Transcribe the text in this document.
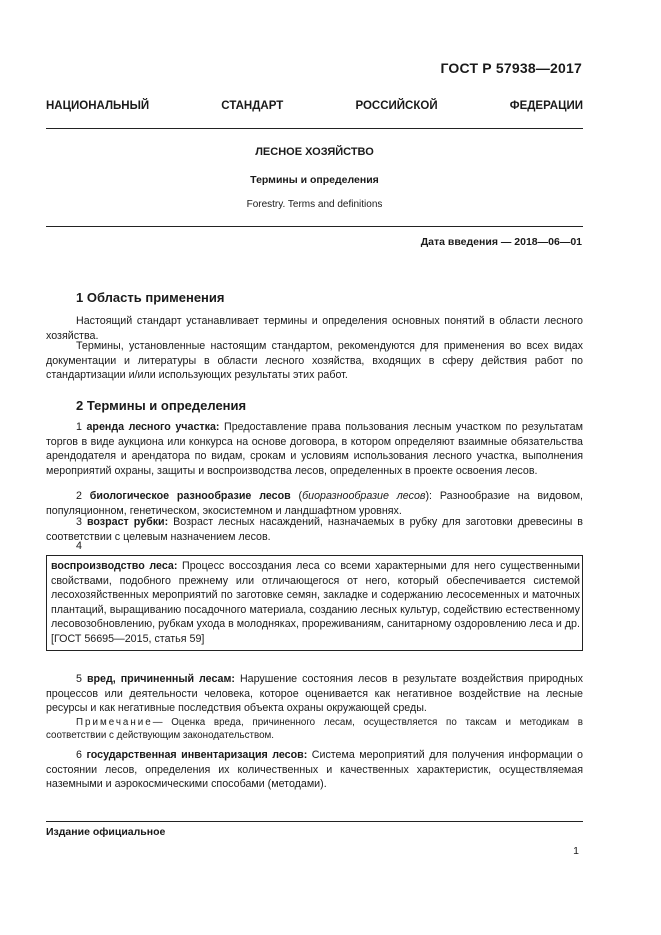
ГОСТ Р 57938—2017
НАЦИОНАЛЬНЫЙ СТАНДАРТ РОССИЙСКОЙ ФЕДЕРАЦИИ
ЛЕСНОЕ ХОЗЯЙСТВО
Термины и определения
Forestry. Terms and definitions
Дата введения — 2018—06—01
1 Область применения

Настоящий стандарт устанавливает термины и определения основных понятий в области лесного хозяйства.

Термины, установленные настоящим стандартом, рекомендуются для применения во всех видах документации и литературы в области лесного хозяйства, входящих в сферу действия работ по стандартизации и/или использующих результаты этих работ.

2 Термины и определения

1 аренда лесного участка: Предоставление права пользования лесным участком по результатам торгов в виде аукциона или конкурса на основе договора, в котором определяют взаимные обязательства арендодателя и арендатора по видам, срокам и условиям использования лесного участка, выполнения мероприятий охраны, защиты и воспроизводства лесов, определенных в проекте освоения лесов.

2 биологическое разнообразие лесов (биоразнообразие лесов): Разнообразие на видовом, популяционном, генетическом, экосистемном и ландшафтном уровнях.

3 возраст рубки: Возраст лесных насаждений, назначаемых в рубку для заготовки древесины в соответствии с целевым назначением лесов.

4

воспроизводство леса: Процесс воссоздания леса со всеми характерными для него существенными свойствами, подобного прежнему или отличающегося от него, который обеспечивается системой лесохозяйственных мероприятий по заготовке семян, закладке и содержанию лесосеменных и маточных плантаций, выращиванию посадочного материала, созданию лесных культур, содействию естественному лесовозобновлению, рубкам ухода в молодняках, прореживаниям, санитарному оздоровлению леса и др.

[ГОСТ 56695—2015, статья 59]

5 вред, причиненный лесам: Нарушение состояния лесов в результате воздействия природных процессов или деятельности человека, которое оценивается как негативное воздействие на лесные ресурсы и как негативные последствия объекта охраны окружающей среды.

Примечание— Оценка вреда, причиненного лесам, осуществляется по таксам и методикам в соответствии с действующим законодательством.

6 государственная инвентаризация лесов: Система мероприятий для получения информации о состоянии лесов, определения их количественных и качественных характеристик, осуществляемая наземными и аэрокосмическими способами (методами).

Издание официальное
1
